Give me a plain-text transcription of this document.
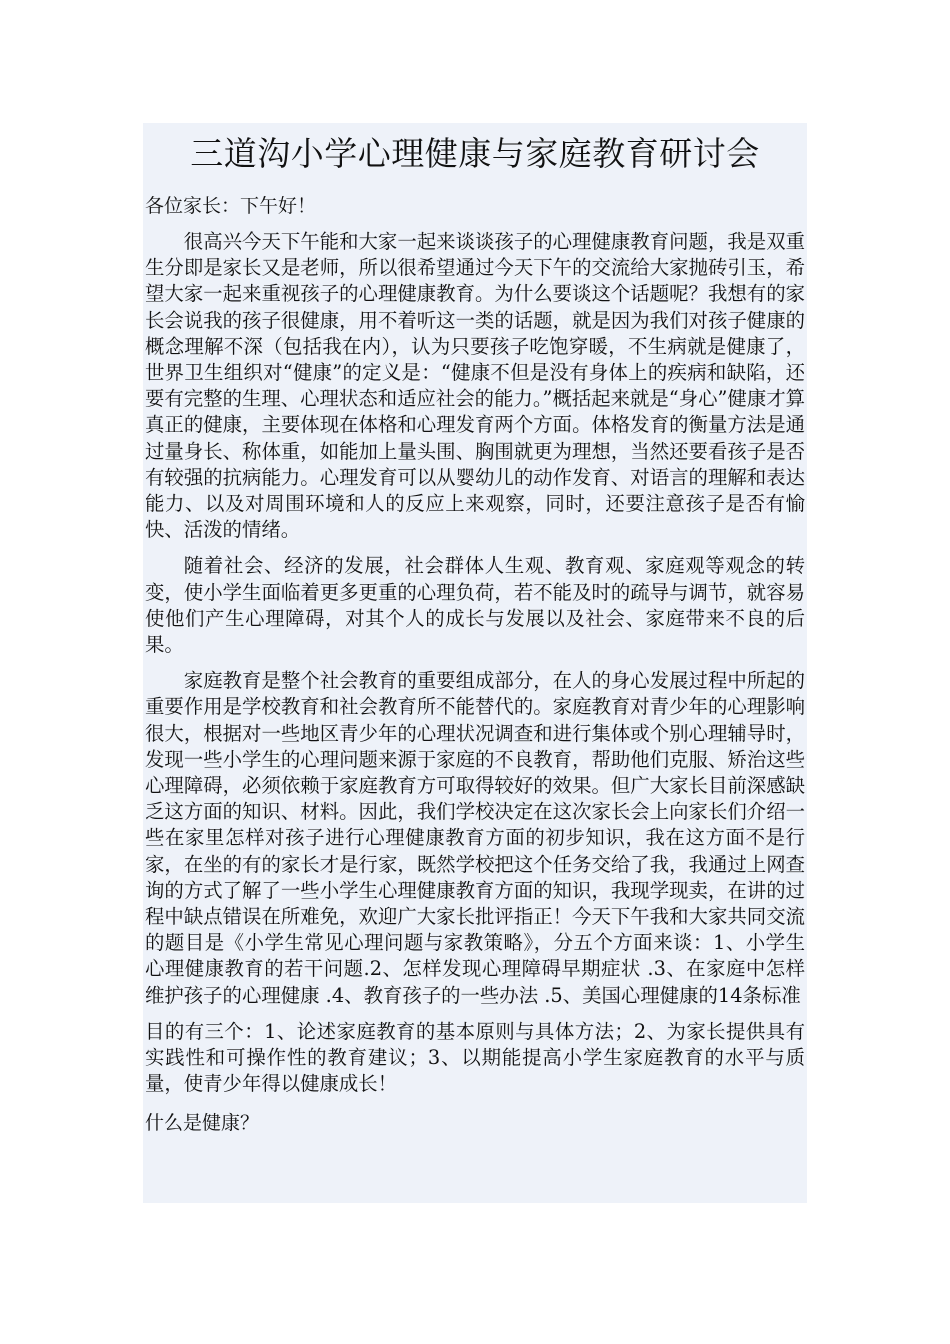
三道沟小学心理健康与家庭教育研讨会

各位家长：下午好！

很高兴今天下午能和大家一起来谈谈孩子的心理健康教育问题，我是双重生分即是家长又是老师，所以很希望通过今天下午的交流给大家抛砖引玉，希望大家一起来重视孩子的心理健康教育。为什么要谈这个话题呢？我想有的家长会说我的孩子很健康，用不着听这一类的话题，就是因为我们对孩子健康的概念理解不深（包括我在内），认为只要孩子吃饱穿暖，不生病就是健康了，世界卫生组织对“健康”的定义是：“健康不但是没有身体上的疾病和缺陷，还要有完整的生理、心理状态和适应社会的能力。”概括起来就是“身心”健康才算真正的健康，主要体现在体格和心理发育两个方面。体格发育的衡量方法是通过量身长、称体重，如能加上量头围、胸围就更为理想，当然还要看孩子是否有较强的抗病能力。心理发育可以从婴幼儿的动作发育、对语言的理解和表达能力、以及对周围环境和人的反应上来观察，同时，还要注意孩子是否有愉快、活泼的情绪。

随着社会、经济的发展，社会群体人生观、教育观、家庭观等观念的转变，使小学生面临着更多更重的心理负荷，若不能及时的疏导与调节，就容易使他们产生心理障碍，对其个人的成长与发展以及社会、家庭带来不良的后果。

家庭教育是整个社会教育的重要组成部分，在人的身心发展过程中所起的重要作用是学校教育和社会教育所不能替代的。家庭教育对青少年的心理影响很大，根据对一些地区青少年的心理状况调查和进行集体或个别心理辅导时，发现一些小学生的心理问题来源于家庭的不良教育，帮助他们克服、矫治这些心理障碍，必须依赖于家庭教育方可取得较好的效果。但广大家长目前深感缺乏这方面的知识、材料。因此，我们学校决定在这次家长会上向家长们介绍一些在家里怎样对孩子进行心理健康教育方面的初步知识，我在这方面不是行家，在坐的有的家长才是行家，既然学校把这个任务交给了我，我通过上网查询的方式了解了一些小学生心理健康教育方面的知识，我现学现卖，在讲的过程中缺点错误在所难免，欢迎广大家长批评指正！今天下午我和大家共同交流的题目是《小学生常见心理问题与家教策略》，分五个方面来谈：1、小学生心理健康教育的若干问题.2、怎样发现心理障碍早期症状 .3、在家庭中怎样维护孩子的心理健康 .4、教育孩子的一些办法 .5、美国心理健康的14条标准

目的有三个：1、论述家庭教育的基本原则与具体方法；2、为家长提供具有实践性和可操作性的教育建议；3、以期能提高小学生家庭教育的水平与质量，使青少年得以健康成长！

什么是健康？
